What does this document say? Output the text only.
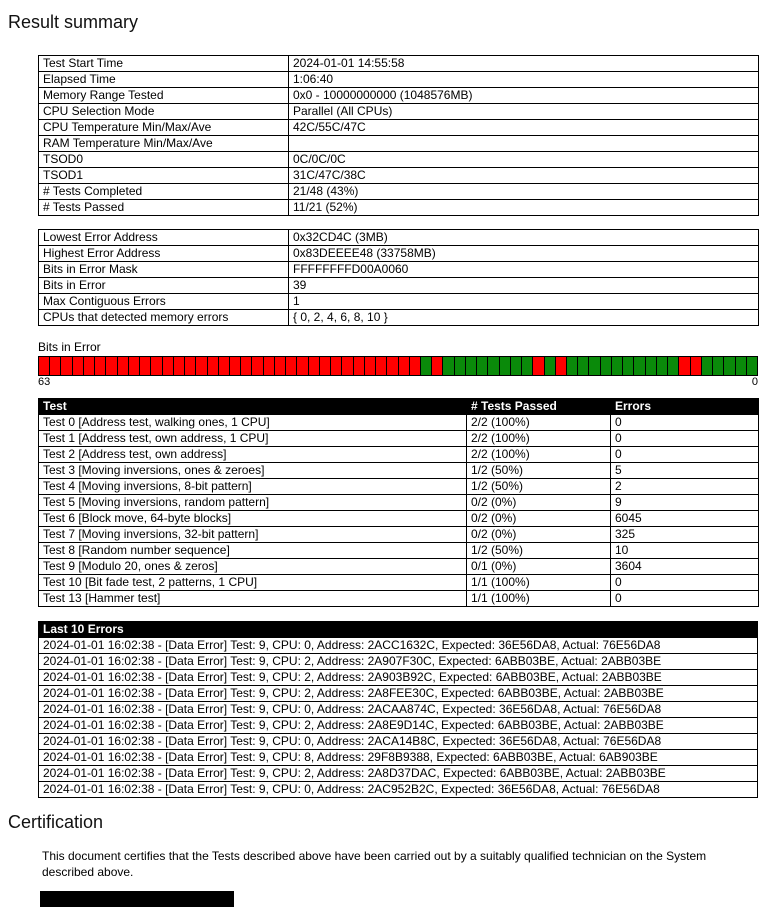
Result summary
Test Start Time	2024-01-01 14:55:58
Elapsed Time	1:06:40
Memory Range Tested	0x0 - 10000000000 (1048576MB)
CPU Selection Mode	Parallel (All CPUs)
CPU Temperature Min/Max/Ave	42C/55C/47C
RAM Temperature Min/Max/Ave	
TSOD0	0C/0C/0C
TSOD1	31C/47C/38C
# Tests Completed	21/48 (43%)
# Tests Passed	11/21 (52%)
Lowest Error Address	0x32CD4C (3MB)
Highest Error Address	0x83DEEEE48 (33758MB)
Bits in Error Mask	FFFFFFFFD00A0060
Bits in Error	39
Max Contiguous Errors	1
CPUs that detected memory errors	{ 0, 2, 4, 6, 8, 10 }
Bits in Error
63	0
Test	# Tests Passed	Errors
Test 0 [Address test, walking ones, 1 CPU]	2/2 (100%)	0
Test 1 [Address test, own address, 1 CPU]	2/2 (100%)	0
Test 2 [Address test, own address]	2/2 (100%)	0
Test 3 [Moving inversions, ones & zeroes]	1/2 (50%)	5
Test 4 [Moving inversions, 8-bit pattern]	1/2 (50%)	2
Test 5 [Moving inversions, random pattern]	0/2 (0%)	9
Test 6 [Block move, 64-byte blocks]	0/2 (0%)	6045
Test 7 [Moving inversions, 32-bit pattern]	0/2 (0%)	325
Test 8 [Random number sequence]	1/2 (50%)	10
Test 9 [Modulo 20, ones & zeros]	0/1 (0%)	3604
Test 10 [Bit fade test, 2 patterns, 1 CPU]	1/1 (100%)	0
Test 13 [Hammer test]	1/1 (100%)	0
Last 10 Errors
2024-01-01 16:02:38 - [Data Error] Test: 9, CPU: 0, Address: 2ACC1632C, Expected: 36E56DA8, Actual: 76E56DA8
2024-01-01 16:02:38 - [Data Error] Test: 9, CPU: 2, Address: 2A907F30C, Expected: 6ABB03BE, Actual: 2ABB03BE
2024-01-01 16:02:38 - [Data Error] Test: 9, CPU: 2, Address: 2A903B92C, Expected: 6ABB03BE, Actual: 2ABB03BE
2024-01-01 16:02:38 - [Data Error] Test: 9, CPU: 2, Address: 2A8FEE30C, Expected: 6ABB03BE, Actual: 2ABB03BE
2024-01-01 16:02:38 - [Data Error] Test: 9, CPU: 0, Address: 2ACAA874C, Expected: 36E56DA8, Actual: 76E56DA8
2024-01-01 16:02:38 - [Data Error] Test: 9, CPU: 2, Address: 2A8E9D14C, Expected: 6ABB03BE, Actual: 2ABB03BE
2024-01-01 16:02:38 - [Data Error] Test: 9, CPU: 0, Address: 2ACA14B8C, Expected: 36E56DA8, Actual: 76E56DA8
2024-01-01 16:02:38 - [Data Error] Test: 9, CPU: 8, Address: 29F8B9388, Expected: 6ABB03BE, Actual: 6AB903BE
2024-01-01 16:02:38 - [Data Error] Test: 9, CPU: 2, Address: 2A8D37DAC, Expected: 6ABB03BE, Actual: 2ABB03BE
2024-01-01 16:02:38 - [Data Error] Test: 9, CPU: 0, Address: 2AC952B2C, Expected: 36E56DA8, Actual: 76E56DA8
Certification

This document certifies that the Tests described above have been carried out by a suitably qualified technician on the System described above.
